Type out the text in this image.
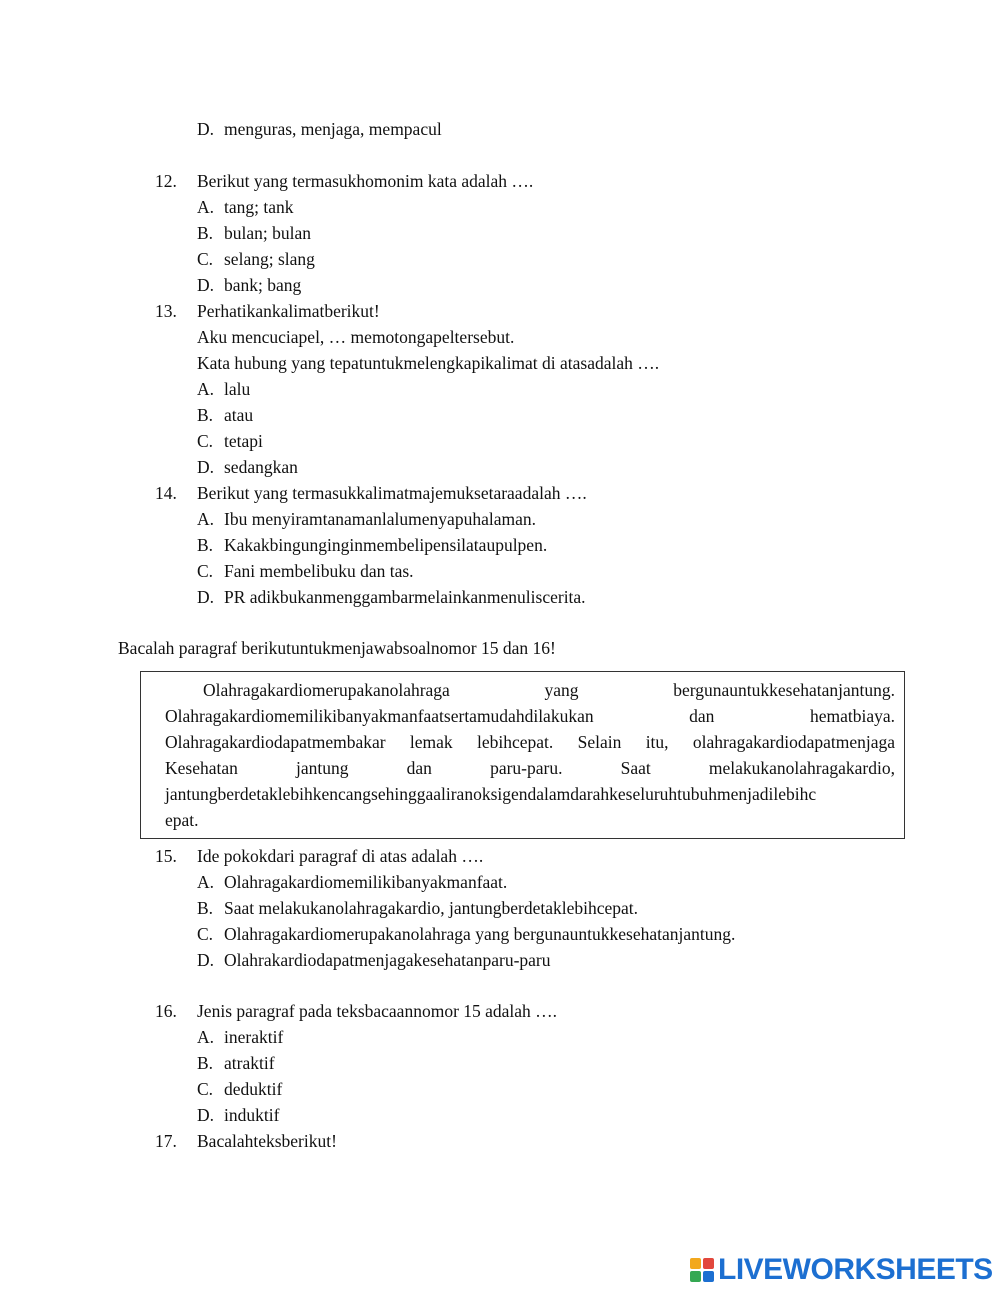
D. menguras, menjaga, mempacul
12. Berikut yang termasukhomonim kata adalah ….
A. tang; tank
B. bulan; bulan
C. selang; slang
D. bank; bang
13. Perhatikankalimatberikut!
Aku mencuciapel, … memotongapeltersebut.
Kata hubung yang tepatuntukmelengkapikalimat di atasadalah ….
A. lalu
B. atau
C. tetapi
D. sedangkan
14. Berikut yang termasukkalimatmajemuksetaraadalah ….
A. Ibu menyiramtanamanlalumenyapuhalaman.
B. Kakakbingunginginmembelipensilataupulpen.
C. Fani membelibuku dan tas.
D. PR adikbukanmenggambarmelainkanmenuliscerita.
Bacalah paragraf berikutuntukmenjawabsoalnomor 15 dan 16!
Olahragakardiomerupakanolahraga yang bergunauntukkesehatanjantung.
Olahragakardiomemilikibanyakmanfaatsertamudahdilakukan dan hematbiaya.
Olahragakardiodapatmembakar lemak lebihcepat. Selain itu, olahragakardiodapatmenjaga
Kesehatan jantung dan paru-paru. Saat melakukanolahragakardio,
jantungberdetaklebihkencangsehinggaaliranoksigendalamdarahkeseluruhtubuhmenjadilebihc
epat.
15. Ide pokokdari paragraf di atas adalah ….
A. Olahragakardiomemilikibanyakmanfaat.
B. Saat melakukanolahragakardio, jantungberdetaklebihcepat.
C. Olahragakardiomerupakanolahraga yang bergunauntukkesehatanjantung.
D. Olahrakardiodapatmenjagakesehatanparu-paru
16. Jenis paragraf pada teksbacaannomor 15 adalah ….
A. ineraktif
B. atraktif
C. deduktif
D. induktif
17. Bacalahteksberikut!
LIVEWORKSHEETS
